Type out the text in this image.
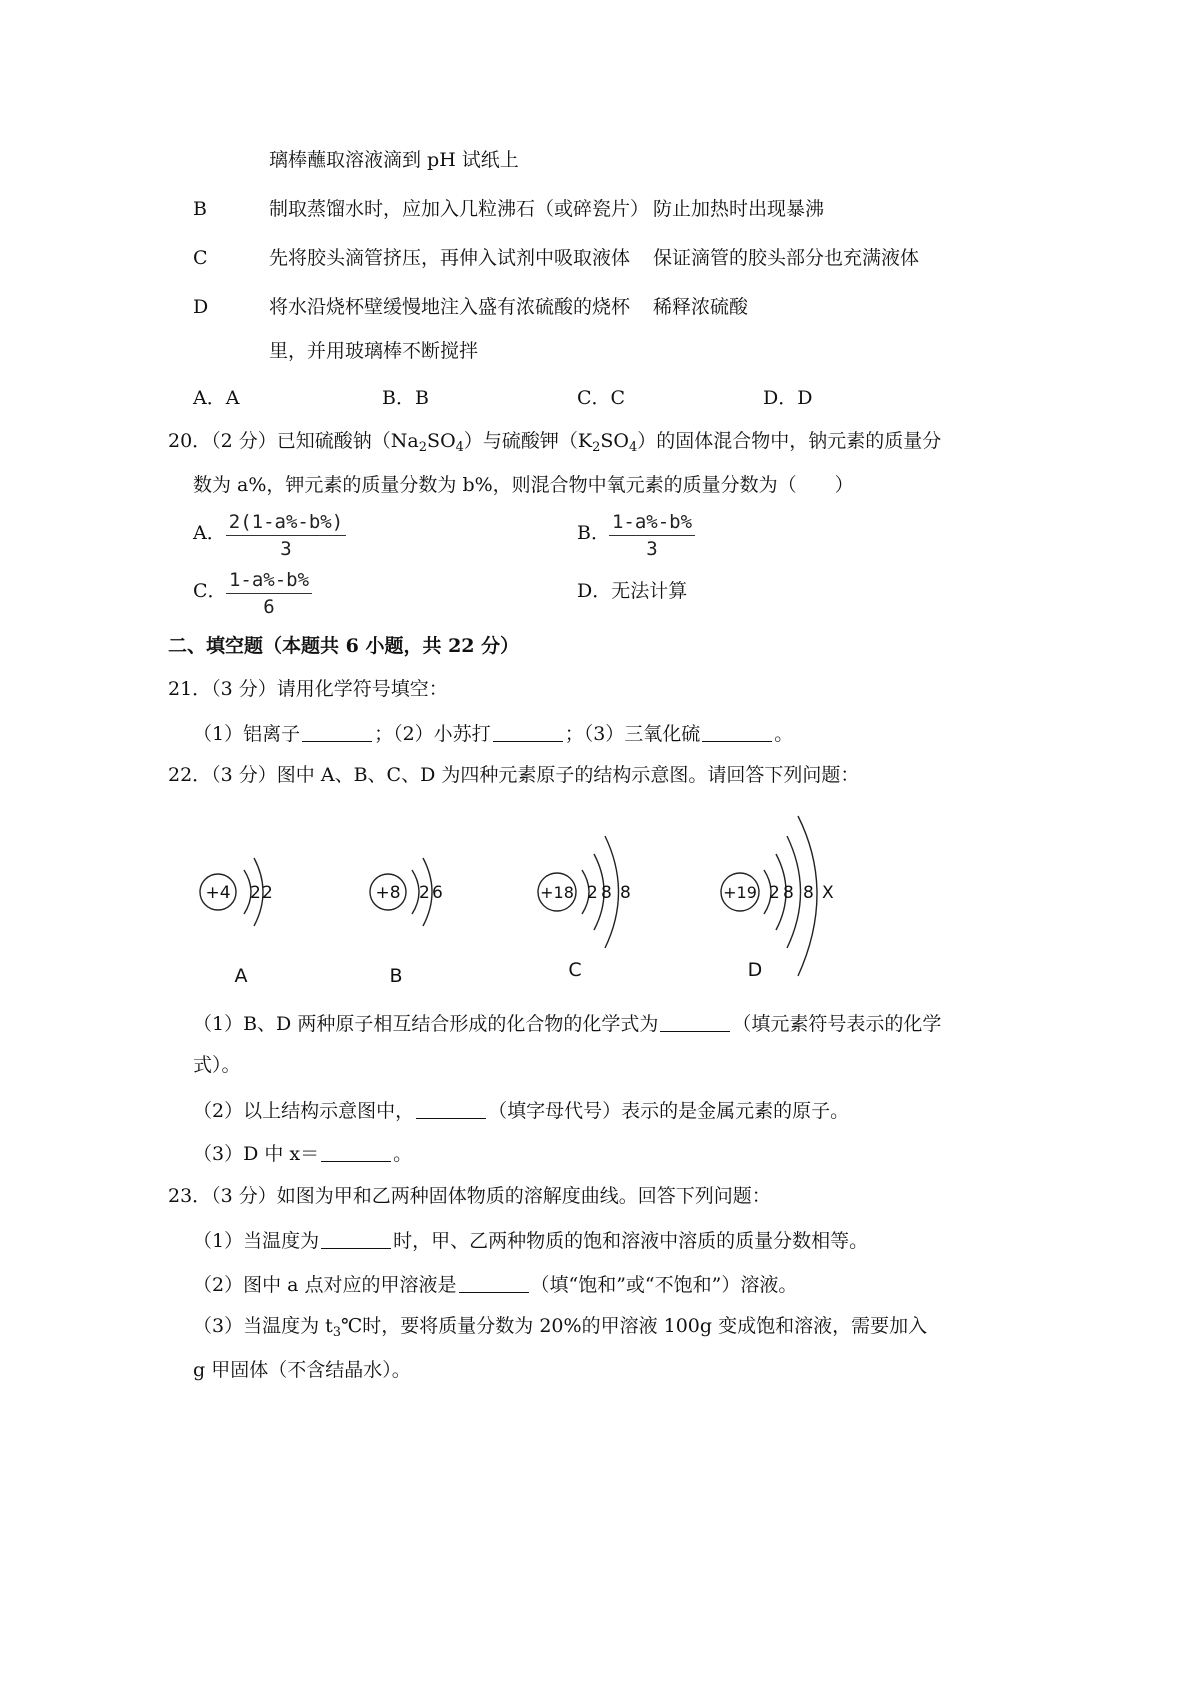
璃棒蘸取溶液滴到 pH 试纸上
B	制取蒸馏水时，应加入几粒沸石（或碎瓷片） 防止加热时出现暴沸
C	先将胶头滴管挤压，再伸入试剂中吸取液体 保证滴管的胶头部分也充满液体
D	将水沿烧杯壁缓慢地注入盛有浓硫酸的烧杯 稀释浓硫酸
里，并用玻璃棒不断搅拌
A．A	B．B	C．C	D．D
20．（2 分）已知硫酸钠$(Na_2SO_4)$与硫酸钾$(K_2SO_4)$的固体混合物中，钠元素的质量分
数为 a%，钾元素的质量分数为 b%，则混合物中氧元素的质量分数为（　　）
A． $\frac{2(1-a\%-b\%)}{3}$	B． $\frac{1-a\%-b\%}{3}$
C． $\frac{1-a\%-b\%}{6}$	D．无法计算
二、填空题（本题共 6 小题，共 22 分）
21．（3 分）请用化学符号填空：
（1）铝离子	；（2）小苏打	；（3）三氧化硫	。
22．（3 分）图中 A、B、C、D 为四种元素原子的结构示意图。请回答下列问题：
+4 2 2
A
+8 2 6
B
+18 2 8 8
C
+19 2 8 8 X
D
（1）B、D 两种原子相互结合形成的化合物的化学式为	（填元素符号表示的化学
式）。
（2）以上结构示意图中，	（填字母代号）表示的是金属元素的原子。
（3）D 中 x＝	。
23．（3 分）如图为甲和乙两种固体物质的溶解度曲线。回答下列问题：
（1）当温度为	时，甲、乙两种物质的饱和溶液中溶质的质量分数相等。
（2）图中 a 点对应的甲溶液是	（填“饱和”或“不饱和”）溶液。
（3）当温度为 $t_3℃$时，要将质量分数为 20%的甲溶液 100g 变成饱和溶液，需要加入
g 甲固体（不含结晶水）。
